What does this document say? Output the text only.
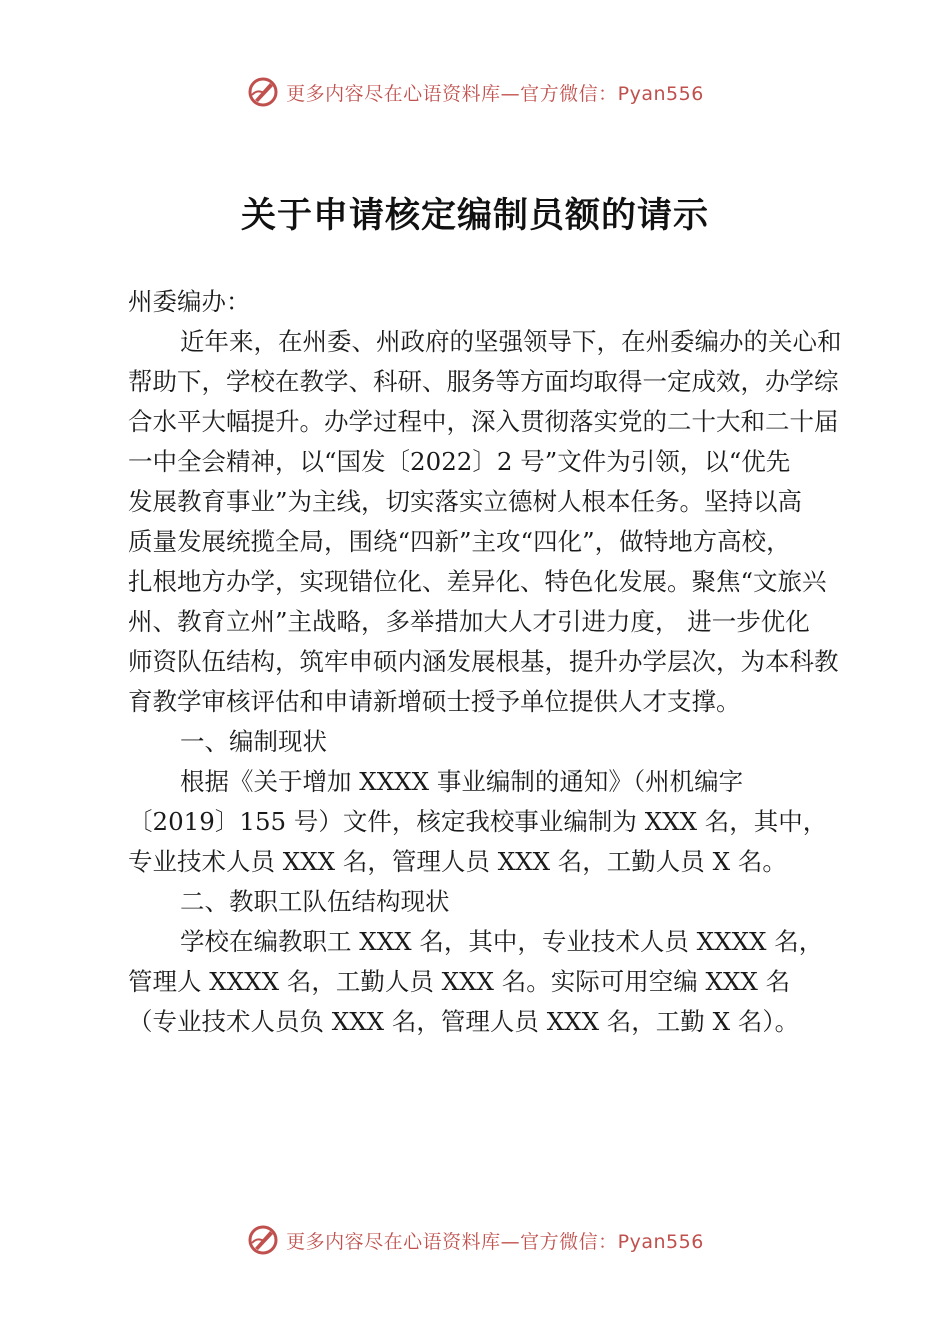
更多内容尽在心语资料库—官方微信：Pyan556
关于申请核定编制员额的请示
州委编办：
近年来，在州委、州政府的坚强领导下，在州委编办的关心和
帮助下，学校在教学、科研、服务等方面均取得一定成效，办学综
合水平大幅提升。办学过程中，深入贯彻落实党的二十大和二十届
一中全会精神，以“国发〔2022〕2 号”文件为引领，以“优先
发展教育事业”为主线，切实落实立德树人根本任务。坚持以高
质量发展统揽全局，围绕“四新”主攻“四化”，做特地方高校，
扎根地方办学，实现错位化、差异化、特色化发展。聚焦“文旅兴
州、教育立州”主战略，多举措加大人才引进力度， 进一步优化
师资队伍结构，筑牢申硕内涵发展根基，提升办学层次，为本科教
育教学审核评估和申请新增硕士授予单位提供人才支撑。
一、编制现状
根据《关于增加 XXXX 事业编制的通知》（州机编字
〔2019〕155 号）文件，核定我校事业编制为 XXX 名，其中，
专业技术人员 XXX 名，管理人员 XXX 名，工勤人员 X 名。
二、教职工队伍结构现状
学校在编教职工 XXX 名，其中，专业技术人员 XXXX 名，
管理人 XXXX 名，工勤人员 XXX 名。实际可用空编 XXX 名
（专业技术人员负 XXX 名，管理人员 XXX 名，工勤 X 名）。
更多内容尽在心语资料库—官方微信：Pyan556
